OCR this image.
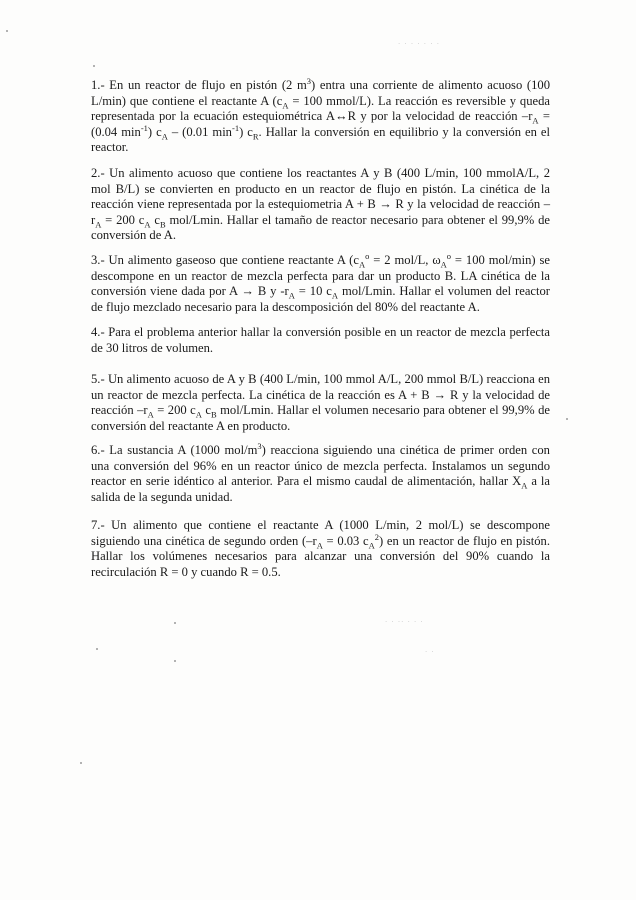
1.- En un reactor de flujo en pistón (2 $m^3$) entra una corriente de alimento acuoso (100 L/min) que contiene el reactante A ($c_A = 100$ mmol/L). La reacción es reversible y queda representada por la ecuación estequiométrica A↔R y por la velocidad de reacción $-r_A = (0.04$ $\min^{-1}$) $c_A - (0.01$ $\min^{-1}$) $c_R$. Hallar la conversión en equilibrio y la conversión en el reactor.

2.- Un alimento acuoso que contiene los reactantes A y B (400 L/min, 100 mmolA/L, 2 mol B/L) se convierten en producto en un reactor de flujo en pistón. La cinética de la reacción viene representada por la estequiometria A + B → R y la velocidad de reacción $-r_A = 200$ $c_A$ $c_B$ mol/Lmin. Hallar el tamaño de reactor necesario para obtener el 99,9% de conversión de A.

3.- Un alimento gaseoso que contiene reactante A ($c_A^o = 2$ mol/L, $\omega_A^o = 100$ mol/min) se descompone en un reactor de mezcla perfecta para dar un producto B. LA cinética de la conversión viene dada por A → B y $-r_A = 10$ $c_A$ mol/Lmin. Hallar el volumen del reactor de flujo mezclado necesario para la descomposición del 80% del reactante A.

4.- Para el problema anterior hallar la conversión posible en un reactor de mezcla perfecta de 30 litros de volumen.

5.- Un alimento acuoso de A y B (400 L/min, 100 mmol A/L, 200 mmol B/L) reacciona en un reactor de mezcla perfecta. La cinética de la reacción es A + B → R y la velocidad de reacción $-r_A = 200$ $c_A$ $c_B$ mol/Lmin. Hallar el volumen necesario para obtener el 99,9% de conversión del reactante A en producto.

6.- La sustancia A (1000 mol/$m^3$) reacciona siguiendo una cinética de primer orden con una conversión del 96% en un reactor único de mezcla perfecta. Instalamos un segundo reactor en serie idéntico al anterior. Para el mismo caudal de alimentación, hallar $X_A$ a la salida de la segunda unidad.

7.- Un alimento que contiene el reactante A (1000 L/min, 2 mol/L) se descompone siguiendo una cinética de segundo orden ($-r_A = 0.03$ $c_A^2$) en un reactor de flujo en pistón. Hallar los volúmenes necesarios para alcanzar una conversión del 90% cuando la recirculación R = 0 y cuando R = 0.5.

· · · · · · ·
· · ·· · · ·
· ·
